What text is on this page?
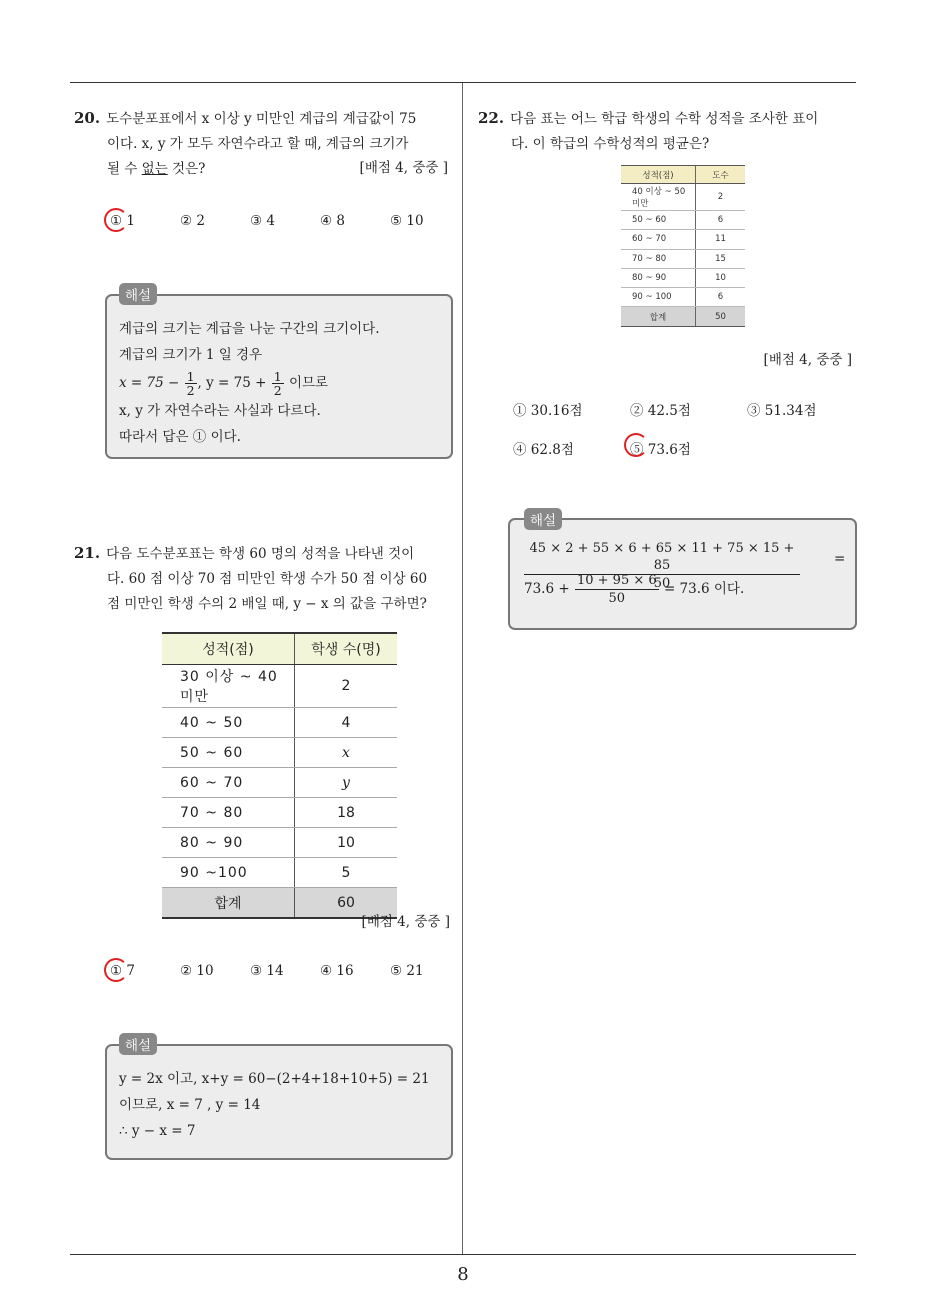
8
20. 도수분포표에서 x 이상 y 미만인 계급의 계급값이 75
이다. x, y 가 모두 자연수라고 할 때, 계급의 크기가
될 수 없는 것은?	[배점 4, 중중 ]
① 1	② 2	③ 4	④ 8	⑤ 10
계급의 크기는 계급을 나눈 구간의 크기이다.
계급의 크기가 1 일 경우
$x = 75 - \frac{1}{2}$ , $y = 75 + \frac{1}{2}$ 이므로
x, y 가 자연수라는 사실과 다르다.
따라서 답은 ① 이다.
해설
21. 다음 도수분포표는 학생 60 명의 성적을 나타낸 것이
다. 60 점 이상 70 점 미만인 학생 수가 50 점 이상 60
점 미만인 학생 수의 2 배일 때, y − x 의 값을 구하면?
성적(점)	학생 수(명)
30 이상 ~ 40 미만	2
40 ~ 50	4
50 ~ 60	x
60 ~ 70	y
70 ~ 80	18
80 ~ 90	10
90 ~100	5
합계	60
[배점 4, 중중 ]
① 7	② 10	③ 14	④ 16	⑤ 21
y = 2x 이고, x+y = 60−(2+4+18+10+5) = 21
이므로, x = 7 , y = 14
∴ y − x = 7
해설
22. 다음 표는 어느 학급 학생의 수학 성적을 조사한 표이
다. 이 학급의 수학성적의 평균은?
성적(점)	도수
40 이상 ~ 50 미만	2
50 ~ 60	6
60 ~ 70	11
70 ~ 80	15
80 ~ 90	10
90 ~ 100	6
합계	50
[배점 4, 중중 ]
① 30.16점	② 42.5점	③ 51.34점
④ 62.8점	⑤ 73.6점
45 × 2 + 55 × 6 + 65 × 11 + 75 × 15 + 85
50
=
$73.6 + \frac{10 + 95 \times 6}{50} = 73.6$ 이다.
해설
